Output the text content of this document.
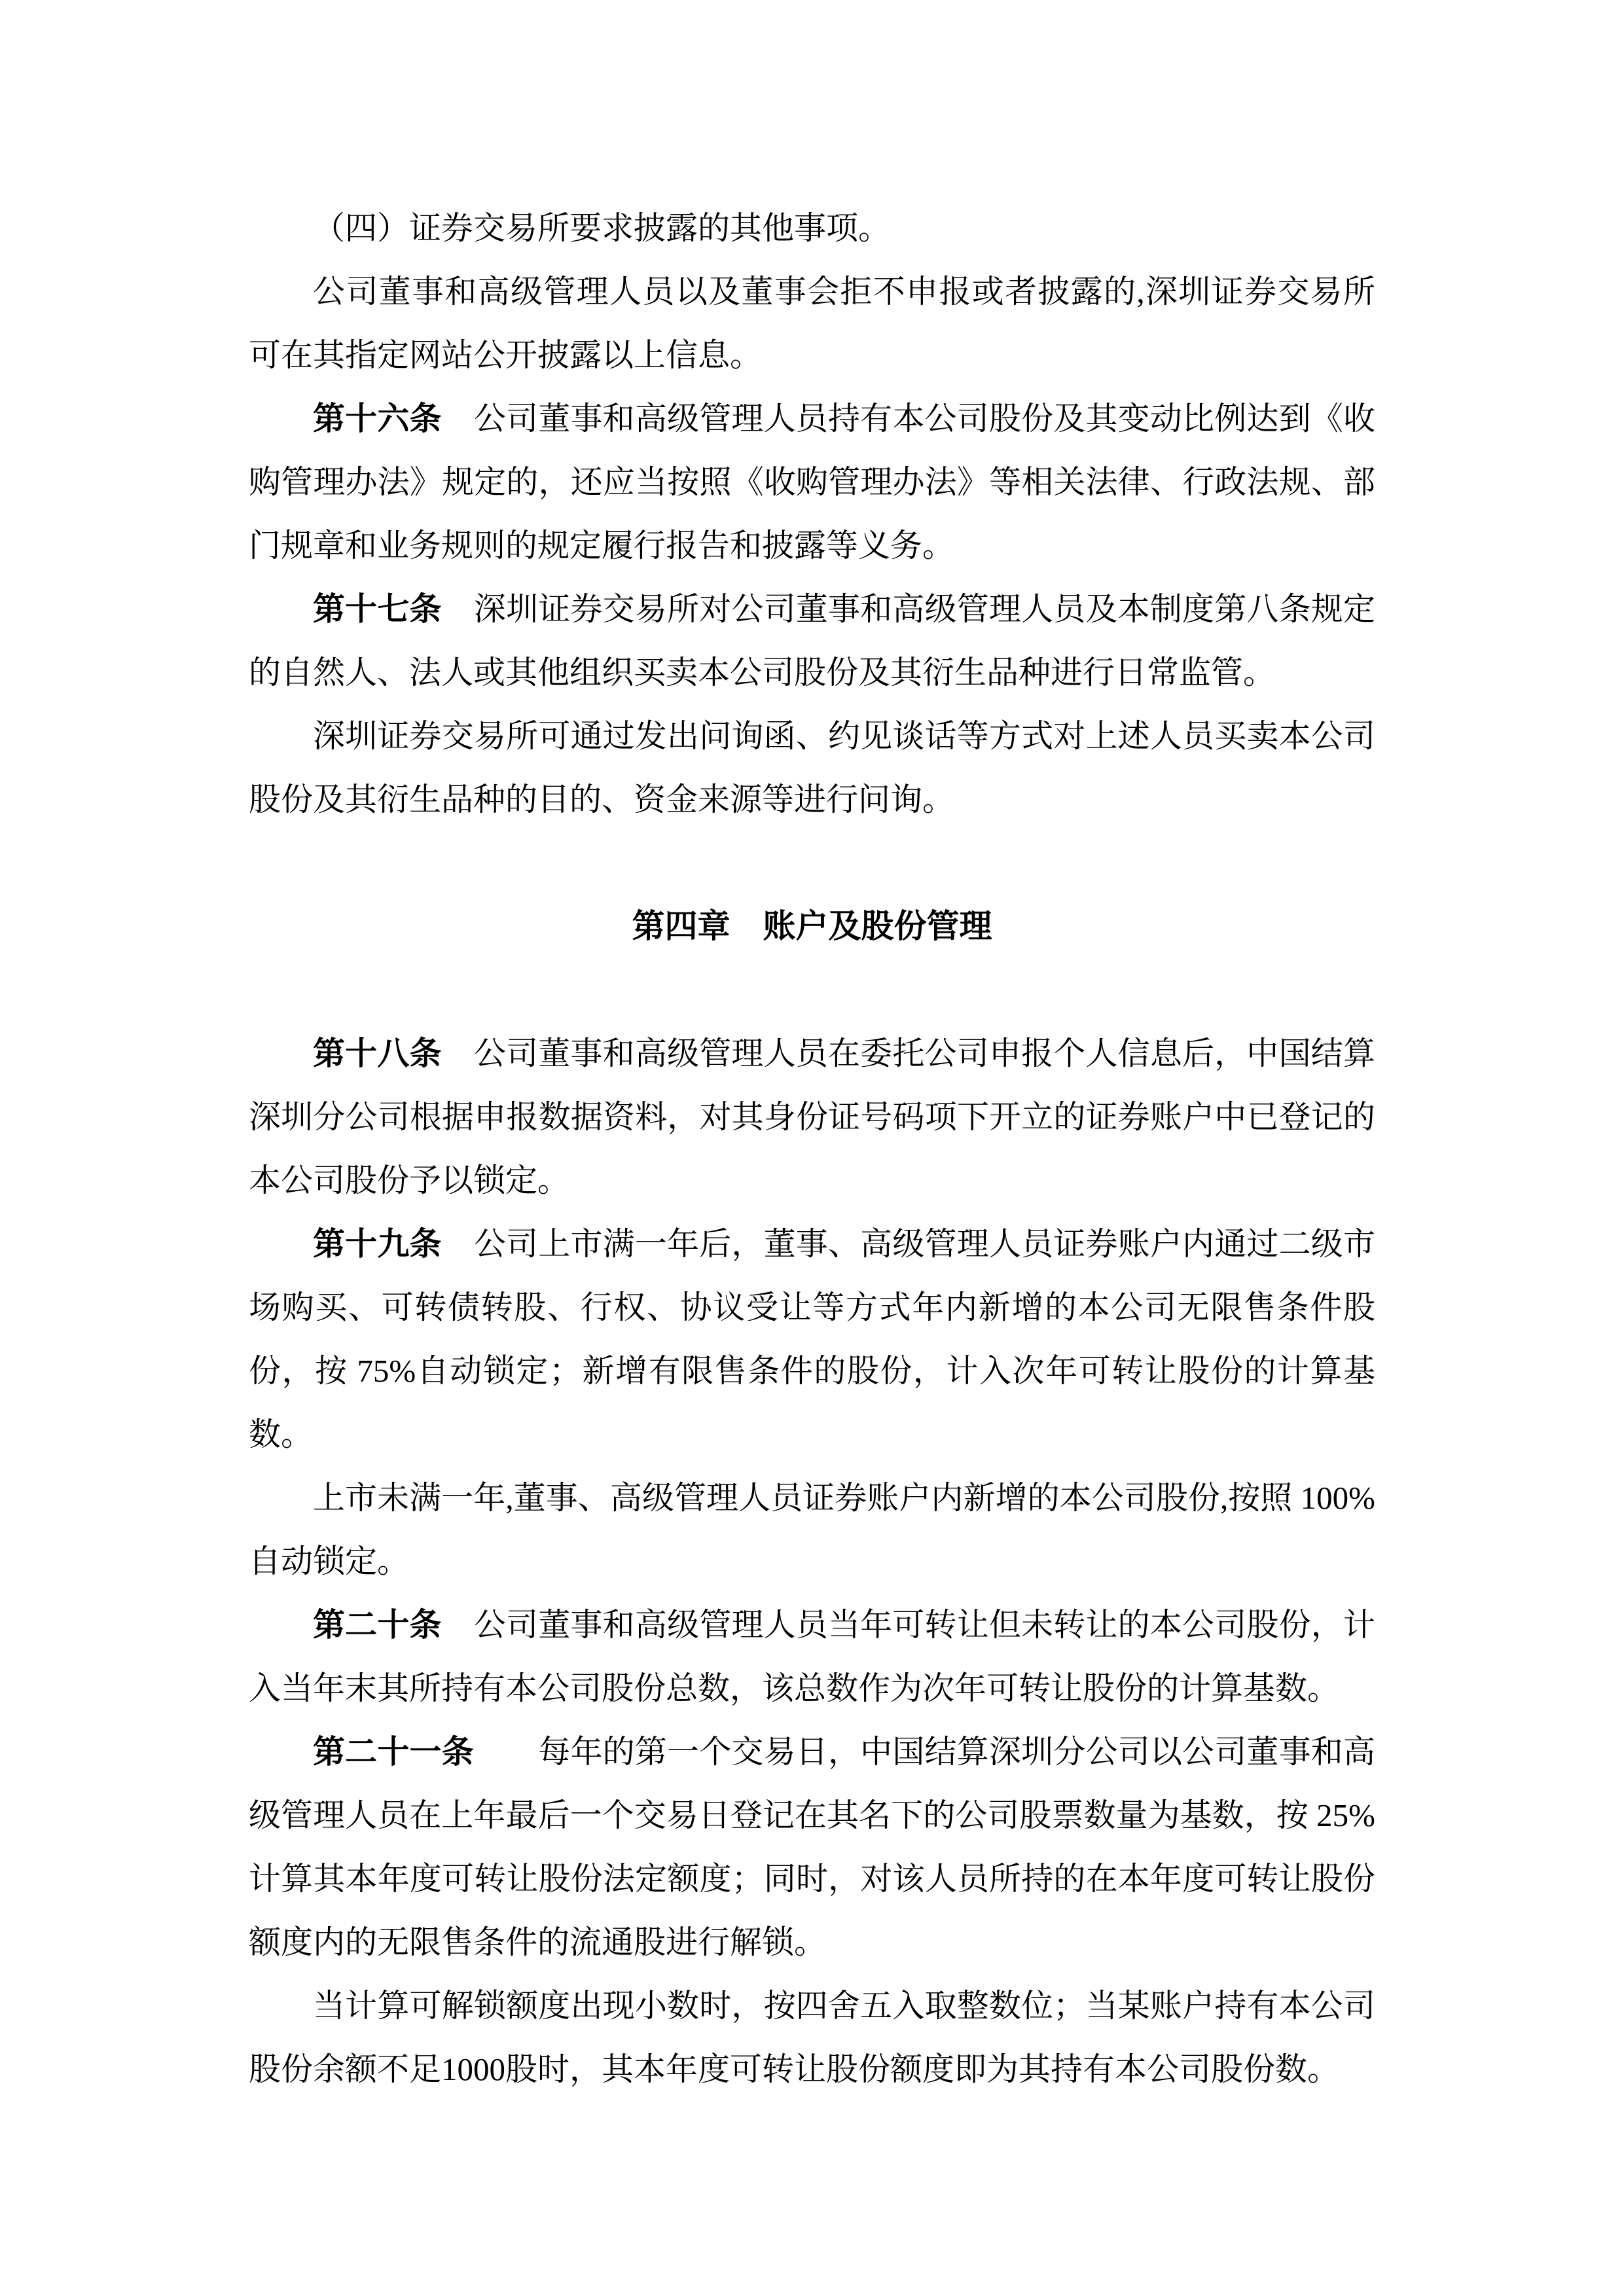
（四）证券交易所要求披露的其他事项。

公司董事和高级管理人员以及董事会拒不申报或者披露的,深圳证券交易所可在其指定网站公开披露以上信息。

第十六条　公司董事和高级管理人员持有本公司股份及其变动比例达到《收购管理办法》规定的，还应当按照《收购管理办法》等相关法律、行政法规、部门规章和业务规则的规定履行报告和披露等义务。

第十七条　深圳证券交易所对公司董事和高级管理人员及本制度第八条规定的自然人、法人或其他组织买卖本公司股份及其衍生品种进行日常监管。

深圳证券交易所可通过发出问询函、约见谈话等方式对上述人员买卖本公司股份及其衍生品种的目的、资金来源等进行问询。

第四章　账户及股份管理

第十八条　公司董事和高级管理人员在委托公司申报个人信息后，中国结算深圳分公司根据申报数据资料，对其身份证号码项下开立的证券账户中已登记的本公司股份予以锁定。

第十九条　公司上市满一年后，董事、高级管理人员证券账户内通过二级市场购买、可转债转股、行权、协议受让等方式年内新增的本公司无限售条件股份，按 75%自动锁定；新增有限售条件的股份，计入次年可转让股份的计算基数。

上市未满一年,董事、高级管理人员证券账户内新增的本公司股份,按照 100%自动锁定。

第二十条　公司董事和高级管理人员当年可转让但未转让的本公司股份，计入当年末其所持有本公司股份总数，该总数作为次年可转让股份的计算基数。

第二十一条　　每年的第一个交易日，中国结算深圳分公司以公司董事和高级管理人员在上年最后一个交易日登记在其名下的公司股票数量为基数，按 25%计算其本年度可转让股份法定额度；同时，对该人员所持的在本年度可转让股份额度内的无限售条件的流通股进行解锁。

当计算可解锁额度出现小数时，按四舍五入取整数位；当某账户持有本公司股份余额不足1000股时，其本年度可转让股份额度即为其持有本公司股份数。
